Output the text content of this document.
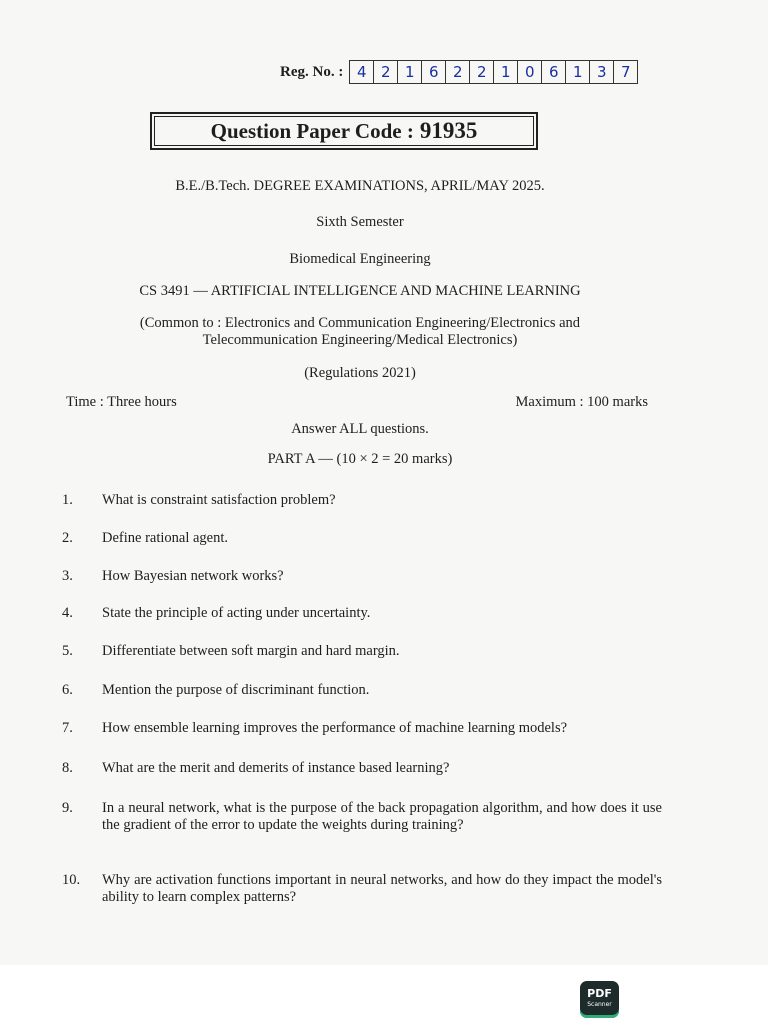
Reg. No. : 4 2 1 6 2 2 1 0 6 1 3 7
Question Paper Code : 91935
B.E./B.Tech. DEGREE EXAMINATIONS, APRIL/MAY 2025.
Sixth Semester
Biomedical Engineering
CS 3491 — ARTIFICIAL INTELLIGENCE AND MACHINE LEARNING
(Common to : Electronics and Communication Engineering/Electronics and
Telecommunication Engineering/Medical Electronics)
(Regulations 2021)
Time : Three hours	Maximum : 100 marks
Answer ALL questions.
PART A — (10 × 2 = 20 marks)
1.	What is constraint satisfaction problem?
2.	Define rational agent.
3.	How Bayesian network works?
4.	State the principle of acting under uncertainty.
5.	Differentiate between soft margin and hard margin.
6.	Mention the purpose of discriminant function.
7.	How ensemble learning improves the performance of machine learning models?
8.	What are the merit and demerits of instance based learning?
9.	In a neural network, what is the purpose of the back propagation algorithm, and how does it use the gradient of the error to update the weights during training?
10.	Why are activation functions important in neural networks, and how do they impact the model's ability to learn complex patterns?
PDF
Scanner
